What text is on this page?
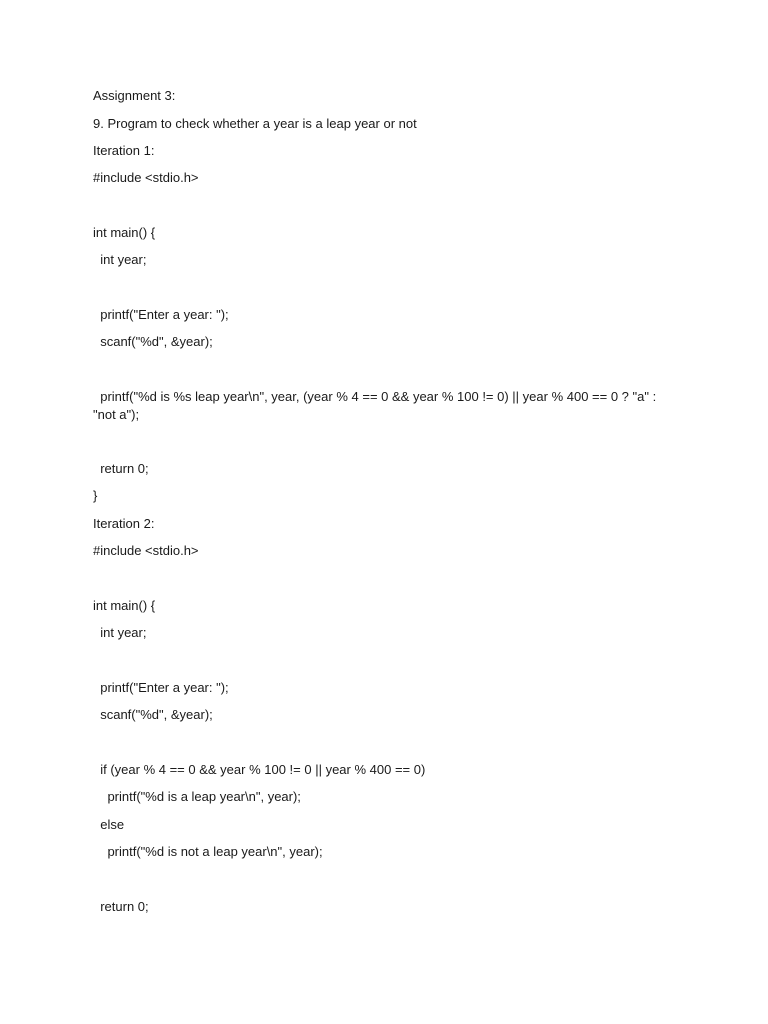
Assignment 3:
9. Program to check whether a year is a leap year or not
Iteration 1:
#include <stdio.h>
int main() {
int year;
printf("Enter a year: ");
scanf("%d", &year);
printf("%d is %s leap year\n", year, (year % 4 == 0 && year % 100 != 0) || year % 400 == 0 ? "a" : "not a");
return 0;
}
Iteration 2:
#include <stdio.h>
int main() {
int year;
printf("Enter a year: ");
scanf("%d", &year);
if (year % 4 == 0 && year % 100 != 0 || year % 400 == 0)
printf("%d is a leap year\n", year);
else
printf("%d is not a leap year\n", year);
return 0;
